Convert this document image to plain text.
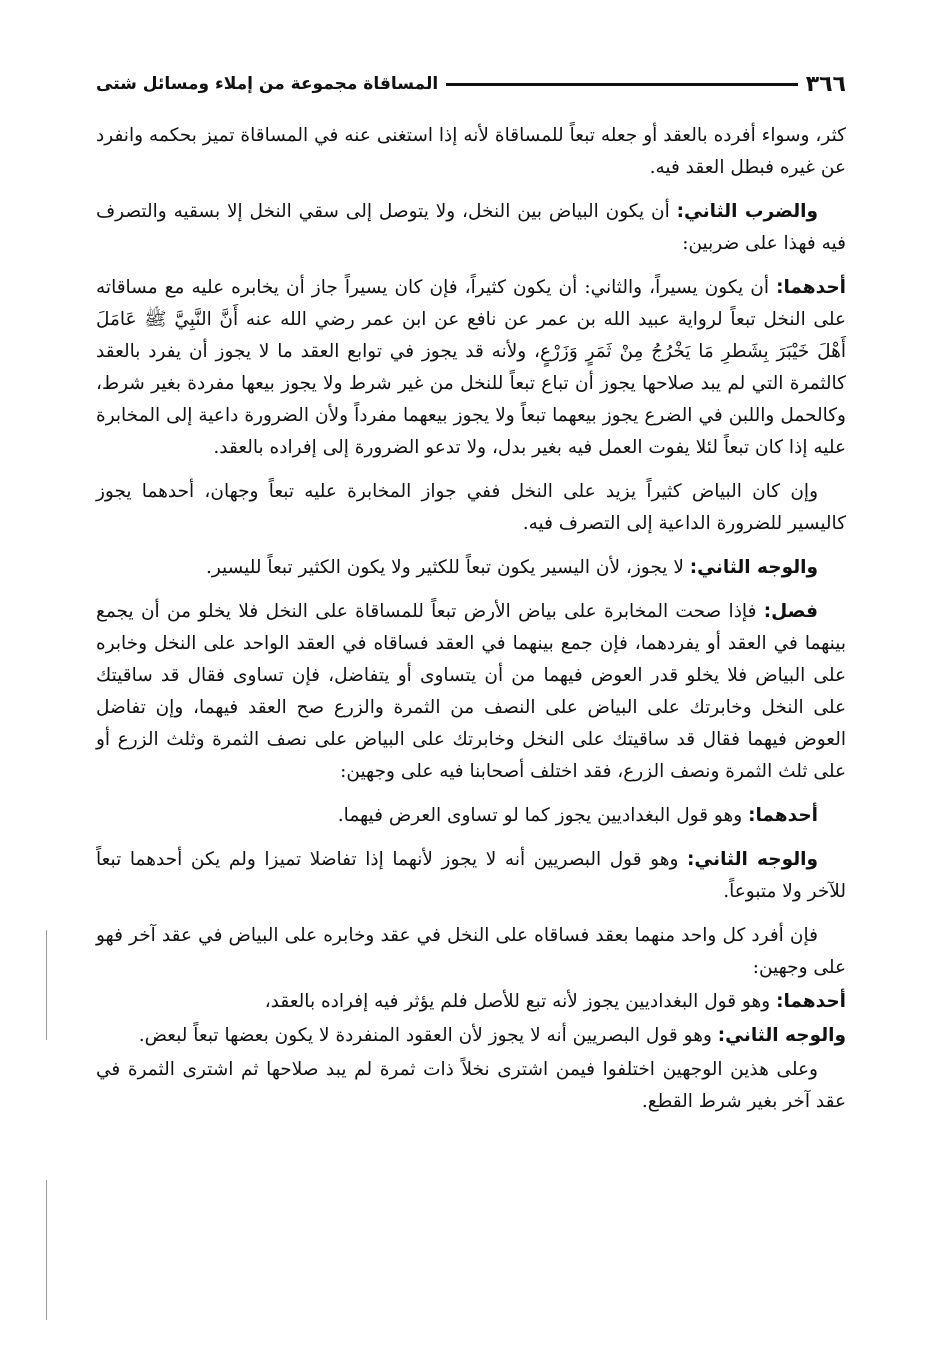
٣٦٦
المساقاة مجموعة من إملاء ومسائل شتى

كثر، وسواء أفرده بالعقد أو جعله تبعاً للمساقاة لأنه إذا استغنى عنه في المساقاة تميز بحكمه وانفرد عن غيره فبطل العقد فيه.

والضرب الثاني: أن يكون البياض بين النخل، ولا يتوصل إلى سقي النخل إلا بسقيه والتصرف فيه فهذا على ضربين:

أحدهما: أن يكون يسيراً، والثاني: أن يكون كثيراً، فإن كان يسيراً جاز أن يخابره عليه مع مساقاته على النخل تبعاً لرواية عبيد الله بن عمر عن نافع عن ابن عمر رضي الله عنه أَنَّ النَّبِيَّ ﷺ عَامَلَ أَهْلَ خَيْبَرَ بِشَطرِ مَا يَخْرُجُ مِنْ ثَمَرٍ وَزَرْعٍ، ولأنه قد يجوز في توابع العقد ما لا يجوز أن يفرد بالعقد كالثمرة التي لم يبد صلاحها يجوز أن تباع تبعاً للنخل من غير شرط ولا يجوز بيعها مفردة بغير شرط، وكالحمل واللبن في الضرع يجوز بيعهما تبعاً ولا يجوز بيعهما مفرداً ولأن الضرورة داعية إلى المخابرة عليه إذا كان تبعاً لئلا يفوت العمل فيه بغير بدل، ولا تدعو الضرورة إلى إفراده بالعقد.

وإن كان البياض كثيراً يزيد على النخل ففي جواز المخابرة عليه تبعاً وجهان، أحدهما يجوز كاليسير للضرورة الداعية إلى التصرف فيه.

والوجه الثاني: لا يجوز، لأن اليسير يكون تبعاً للكثير ولا يكون الكثير تبعاً لليسير.

فصل: فإذا صحت المخابرة على بياض الأرض تبعاً للمساقاة على النخل فلا يخلو من أن يجمع بينهما في العقد أو يفردهما، فإن جمع بينهما في العقد فساقاه في العقد الواحد على النخل وخابره على البياض فلا يخلو قدر العوض فيهما من أن يتساوى أو يتفاضل، فإن تساوى فقال قد ساقيتك على النخل وخابرتك على البياض على النصف من الثمرة والزرع صح العقد فيهما، وإن تفاضل العوض فيهما فقال قد ساقيتك على النخل وخابرتك على البياض على نصف الثمرة وثلث الزرع أو على ثلث الثمرة ونصف الزرع، فقد اختلف أصحابنا فيه على وجهين:

أحدهما: وهو قول البغداديين يجوز كما لو تساوى العرض فيهما.

والوجه الثاني: وهو قول البصريين أنه لا يجوز لأنهما إذا تفاضلا تميزا ولم يكن أحدهما تبعاً للآخر ولا متبوعاً.

فإن أفرد كل واحد منهما بعقد فساقاه على النخل في عقد وخابره على البياض في عقد آخر فهو على وجهين:

أحدهما: وهو قول البغداديين يجوز لأنه تبع للأصل فلم يؤثر فيه إفراده بالعقد،

والوجه الثاني: وهو قول البصريين أنه لا يجوز لأن العقود المنفردة لا يكون بعضها تبعاً لبعض.

وعلى هذين الوجهين اختلفوا فيمن اشترى نخلاً ذات ثمرة لم يبد صلاحها ثم اشترى الثمرة في عقد آخر بغير شرط القطع.
